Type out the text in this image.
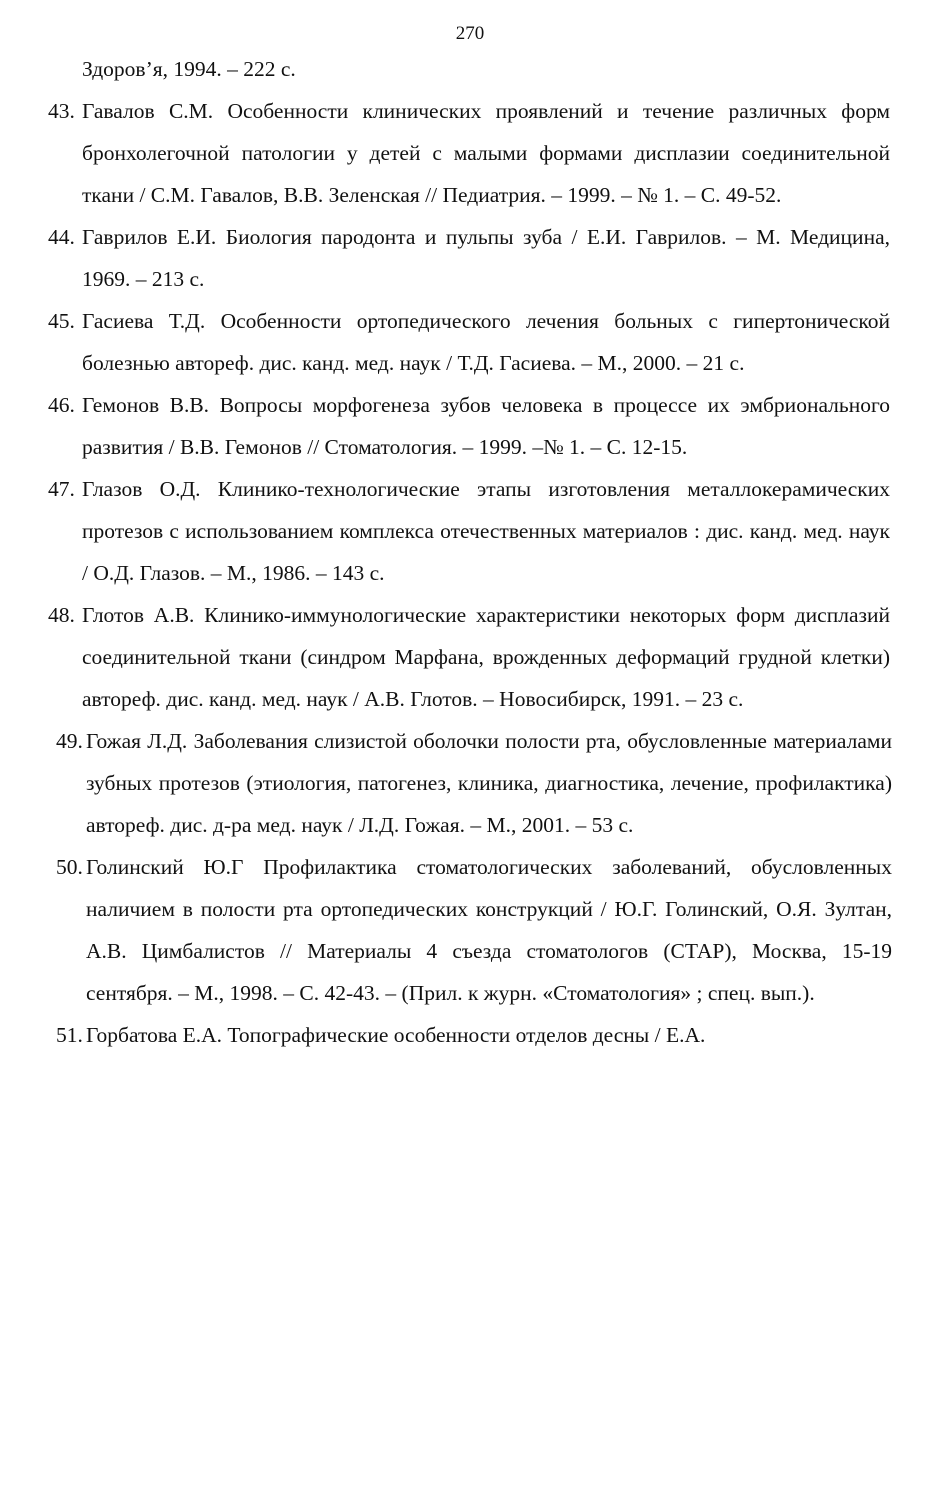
270
Здоров’я, 1994. – 222 с.
43. Гавалов С.М. Особенности клинических проявлений и течение различных форм бронхолегочной патологии у детей с малыми формами дисплазии соединительной ткани / С.М. Гавалов, В.В. Зеленская // Педиатрия. – 1999. – № 1. – С. 49-52.
44. Гаврилов Е.И. Биология пародонта и пульпы зуба / Е.И. Гаврилов. – М. Медицина, 1969. – 213 с.
45. Гасиева Т.Д. Особенности ортопедического лечения больных с гипертонической болезнью автореф. дис. канд. мед. наук / Т.Д. Гасиева. – М., 2000. – 21 с.
46. Гемонов В.В. Вопросы морфогенеза зубов человека в процессе их эмбрионального развития / В.В. Гемонов // Стоматология. – 1999. –№ 1. – С. 12-15.
47. Глазов О.Д. Клинико-технологические этапы изготовления металлокерамических протезов с использованием комплекса отечественных материалов : дис. канд. мед. наук / О.Д. Глазов. – М., 1986. – 143 с.
48. Глотов А.В. Клинико-иммунологические характеристики некоторых форм дисплазий соединительной ткани (синдром Марфана, врожденных деформаций грудной клетки) автореф. дис. канд. мед. наук / А.В. Глотов. – Новосибирск, 1991. – 23 с.
49. Гожая Л.Д. Заболевания слизистой оболочки полости рта, обусловленные материалами зубных протезов (этиология, патогенез, клиника, диагностика, лечение, профилактика) автореф. дис. д-ра мед. наук / Л.Д. Гожая. – М., 2001. – 53 с.
50. Голинский Ю.Г Профилактика стоматологических заболеваний, обусловленных наличием в полости рта ортопедических конструкций / Ю.Г. Голинский, О.Я. Зултан, А.В. Цимбалистов // Материалы 4 съезда стоматологов (СТАР), Москва, 15-19 сентября. – М., 1998. – С. 42-43. – (Прил. к журн. «Стоматология» ; спец. вып.).
51. Горбатова Е.А. Топографические особенности отделов десны / Е.А.
